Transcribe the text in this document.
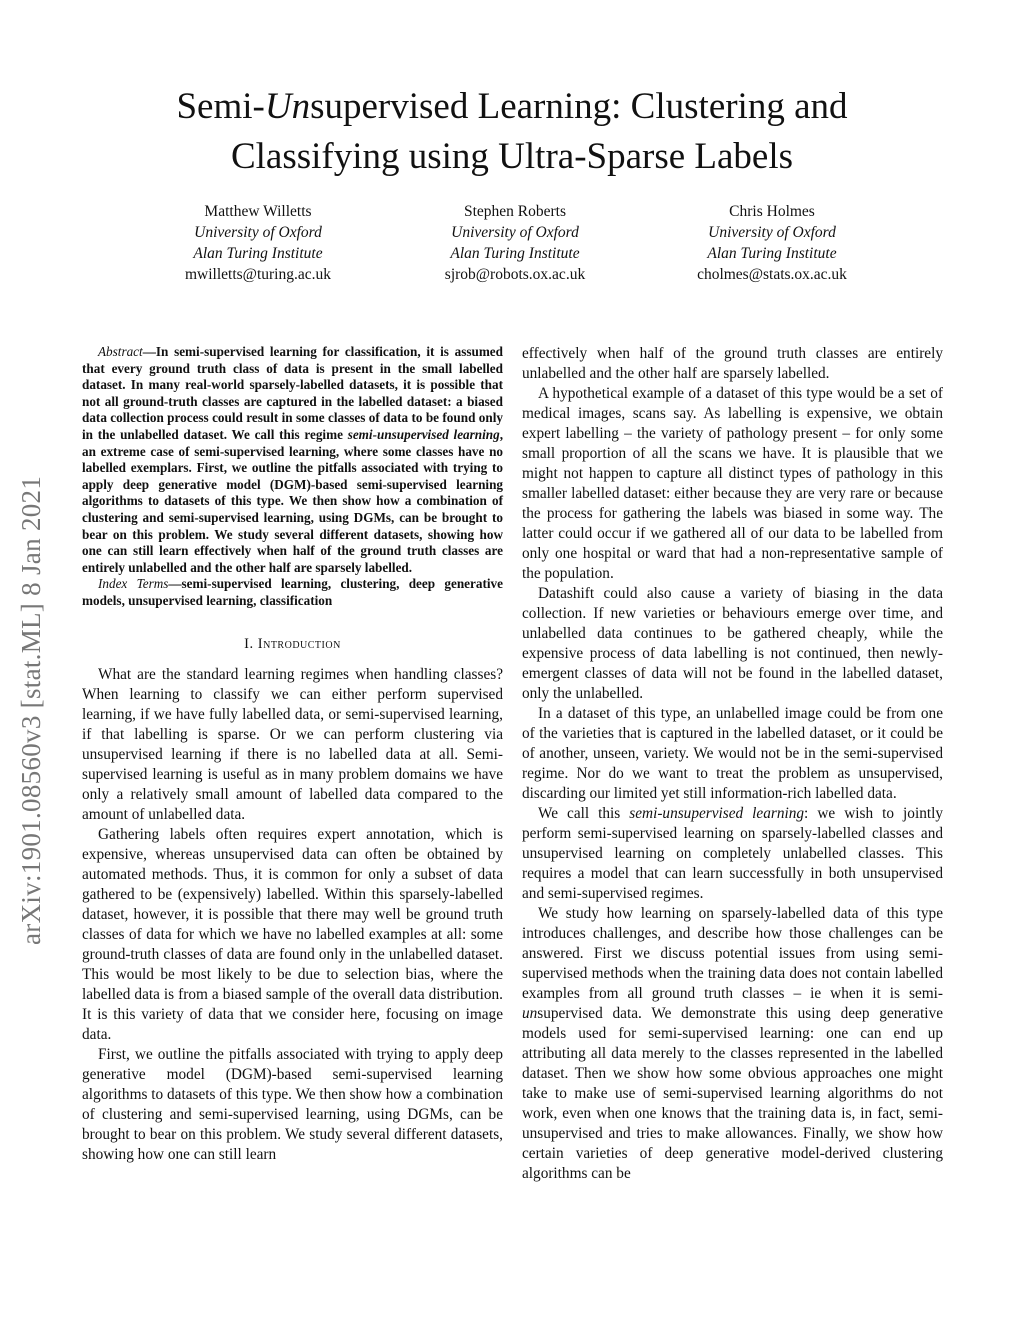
Semi-Unsupervised Learning: Clustering and
Classifying using Ultra-Sparse Labels
Matthew Willetts
University of Oxford
Alan Turing Institute
mwilletts@turing.ac.uk
Stephen Roberts
University of Oxford
Alan Turing Institute
sjrob@robots.ox.ac.uk
Chris Holmes
University of Oxford
Alan Turing Institute
cholmes@stats.ox.ac.uk
arXiv:1901.08560v3 [stat.ML] 8 Jan 2021

Abstract—In semi-supervised learning for classification, it is assumed that every ground truth class of data is present in the small labelled dataset. In many real-world sparsely-labelled datasets, it is possible that not all ground-truth classes are captured in the labelled dataset: a biased data collection process could result in some classes of data to be found only in the unlabelled dataset. We call this regime semi-unsupervised learning, an extreme case of semi-supervised learning, where some classes have no labelled exemplars. First, we outline the pitfalls associated with trying to apply deep generative model (DGM)-based semi-supervised learning algorithms to datasets of this type. We then show how a combination of clustering and semi-supervised learning, using DGMs, can be brought to bear on this problem. We study several different datasets, showing how one can still learn effectively when half of the ground truth classes are entirely unlabelled and the other half are sparsely labelled.

Index Terms—semi-supervised learning, clustering, deep generative models, unsupervised learning, classification

I. Introduction

What are the standard learning regimes when handling classes? When learning to classify we can either perform supervised learning, if we have fully labelled data, or semi-supervised learning, if that labelling is sparse. Or we can perform clustering via unsupervised learning if there is no labelled data at all. Semi-supervised learning is useful as in many problem domains we have only a relatively small amount of labelled data compared to the amount of unlabelled data.

Gathering labels often requires expert annotation, which is expensive, whereas unsupervised data can often be obtained by automated methods. Thus, it is common for only a subset of data gathered to be (expensively) labelled. Within this sparsely-labelled dataset, however, it is possible that there may well be ground truth classes of data for which we have no labelled examples at all: some ground-truth classes of data are found only in the unlabelled dataset. This would be most likely to be due to selection bias, where the labelled data is from a biased sample of the overall data distribution. It is this variety of data that we consider here, focusing on image data.

First, we outline the pitfalls associated with trying to apply deep generative model (DGM)-based semi-supervised learning algorithms to datasets of this type. We then show how a combination of clustering and semi-supervised learning, using DGMs, can be brought to bear on this problem. We study several different datasets, showing how one can still learn

effectively when half of the ground truth classes are entirely unlabelled and the other half are sparsely labelled.

A hypothetical example of a dataset of this type would be a set of medical images, scans say. As labelling is expensive, we obtain expert labelling – the variety of pathology present – for only some small proportion of all the scans we have. It is plausible that we might not happen to capture all distinct types of pathology in this smaller labelled dataset: either because they are very rare or because the process for gathering the labels was biased in some way. The latter could occur if we gathered all of our data to be labelled from only one hospital or ward that had a non-representative sample of the population.

Datashift could also cause a variety of biasing in the data collection. If new varieties or behaviours emerge over time, and unlabelled data continues to be gathered cheaply, while the expensive process of data labelling is not continued, then newly-emergent classes of data will not be found in the labelled dataset, only the unlabelled.

In a dataset of this type, an unlabelled image could be from one of the varieties that is captured in the labelled dataset, or it could be of another, unseen, variety. We would not be in the semi-supervised regime. Nor do we want to treat the problem as unsupervised, discarding our limited yet still information-rich labelled data.

We call this semi-unsupervised learning: we wish to jointly perform semi-supervised learning on sparsely-labelled classes and unsupervised learning on completely unlabelled classes. This requires a model that can learn successfully in both unsupervised and semi-supervised regimes.

We study how learning on sparsely-labelled data of this type introduces challenges, and describe how those challenges can be answered. First we discuss potential issues from using semi-supervised methods when the training data does not contain labelled examples from all ground truth classes – ie when it is semi-unsupervised data. We demonstrate this using deep generative models used for semi-supervised learning: one can end up attributing all data merely to the classes represented in the labelled dataset. Then we show how some obvious approaches one might take to make use of semi-supervised learning algorithms do not work, even when one knows that the training data is, in fact, semi-unsupervised and tries to make allowances. Finally, we show how certain varieties of deep generative model-derived clustering algorithms can be
